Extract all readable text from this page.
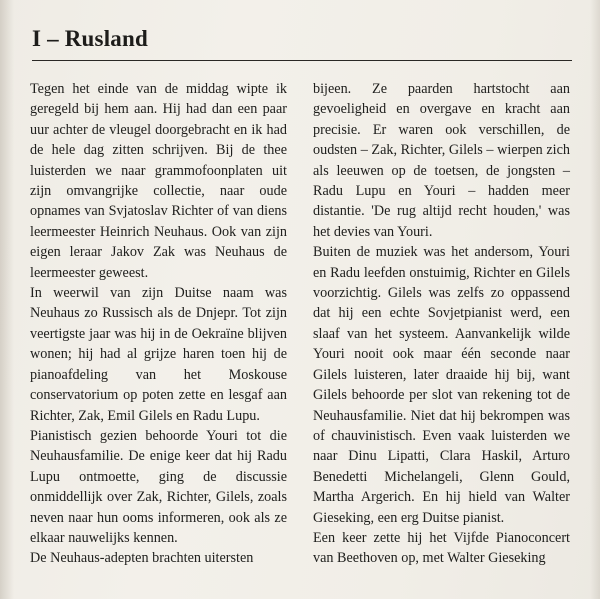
I – Rusland

Tegen het einde van de middag wipte ik geregeld bij hem aan. Hij had dan een paar uur achter de vleugel doorgebracht en ik had de hele dag zitten schrijven. Bij de thee luisterden we naar grammofoonplaten uit zijn omvangrijke collectie, naar oude opnames van Svjatoslav Richter of van diens leermeester Heinrich Neuhaus. Ook van zijn eigen leraar Jakov Zak was Neuhaus de leermeester geweest.

In weerwil van zijn Duitse naam was Neuhaus zo Russisch als de Dnjepr. Tot zijn veertigste jaar was hij in de Oekraïne blijven wonen; hij had al grijze haren toen hij de pianoafdeling van het Moskouse conservatorium op poten zette en lesgaf aan Richter, Zak, Emil Gilels en Radu Lupu.

Pianistisch gezien behoorde Youri tot die Neuhausfamilie. De enige keer dat hij Radu Lupu ontmoette, ging de discussie onmiddellijk over Zak, Richter, Gilels, zoals neven naar hun ooms informeren, ook als ze elkaar nauwelijks kennen.

De Neuhaus-adepten brachten uitersten

bijeen. Ze paarden hartstocht aan gevoeligheid en overgave en kracht aan precisie. Er waren ook verschillen, de oudsten – Zak, Richter, Gilels – wierpen zich als leeuwen op de toetsen, de jongsten – Radu Lupu en Youri – hadden meer distantie. 'De rug altijd recht houden,' was het devies van Youri.

Buiten de muziek was het andersom, Youri en Radu leefden onstuimig, Richter en Gilels voorzichtig. Gilels was zelfs zo oppassend dat hij een echte Sovjetpianist werd, een slaaf van het systeem. Aanvankelijk wilde Youri nooit ook maar één seconde naar Gilels luisteren, later draaide hij bij, want Gilels behoorde per slot van rekening tot de Neuhausfamilie. Niet dat hij bekrompen was of chauvinistisch. Even vaak luisterden we naar Dinu Lipatti, Clara Haskil, Arturo Benedetti Michelangeli, Glenn Gould, Martha Argerich. En hij hield van Walter Gieseking, een erg Duitse pianist.

Een keer zette hij het Vijfde Pianoconcert van Beethoven op, met Walter Gieseking
